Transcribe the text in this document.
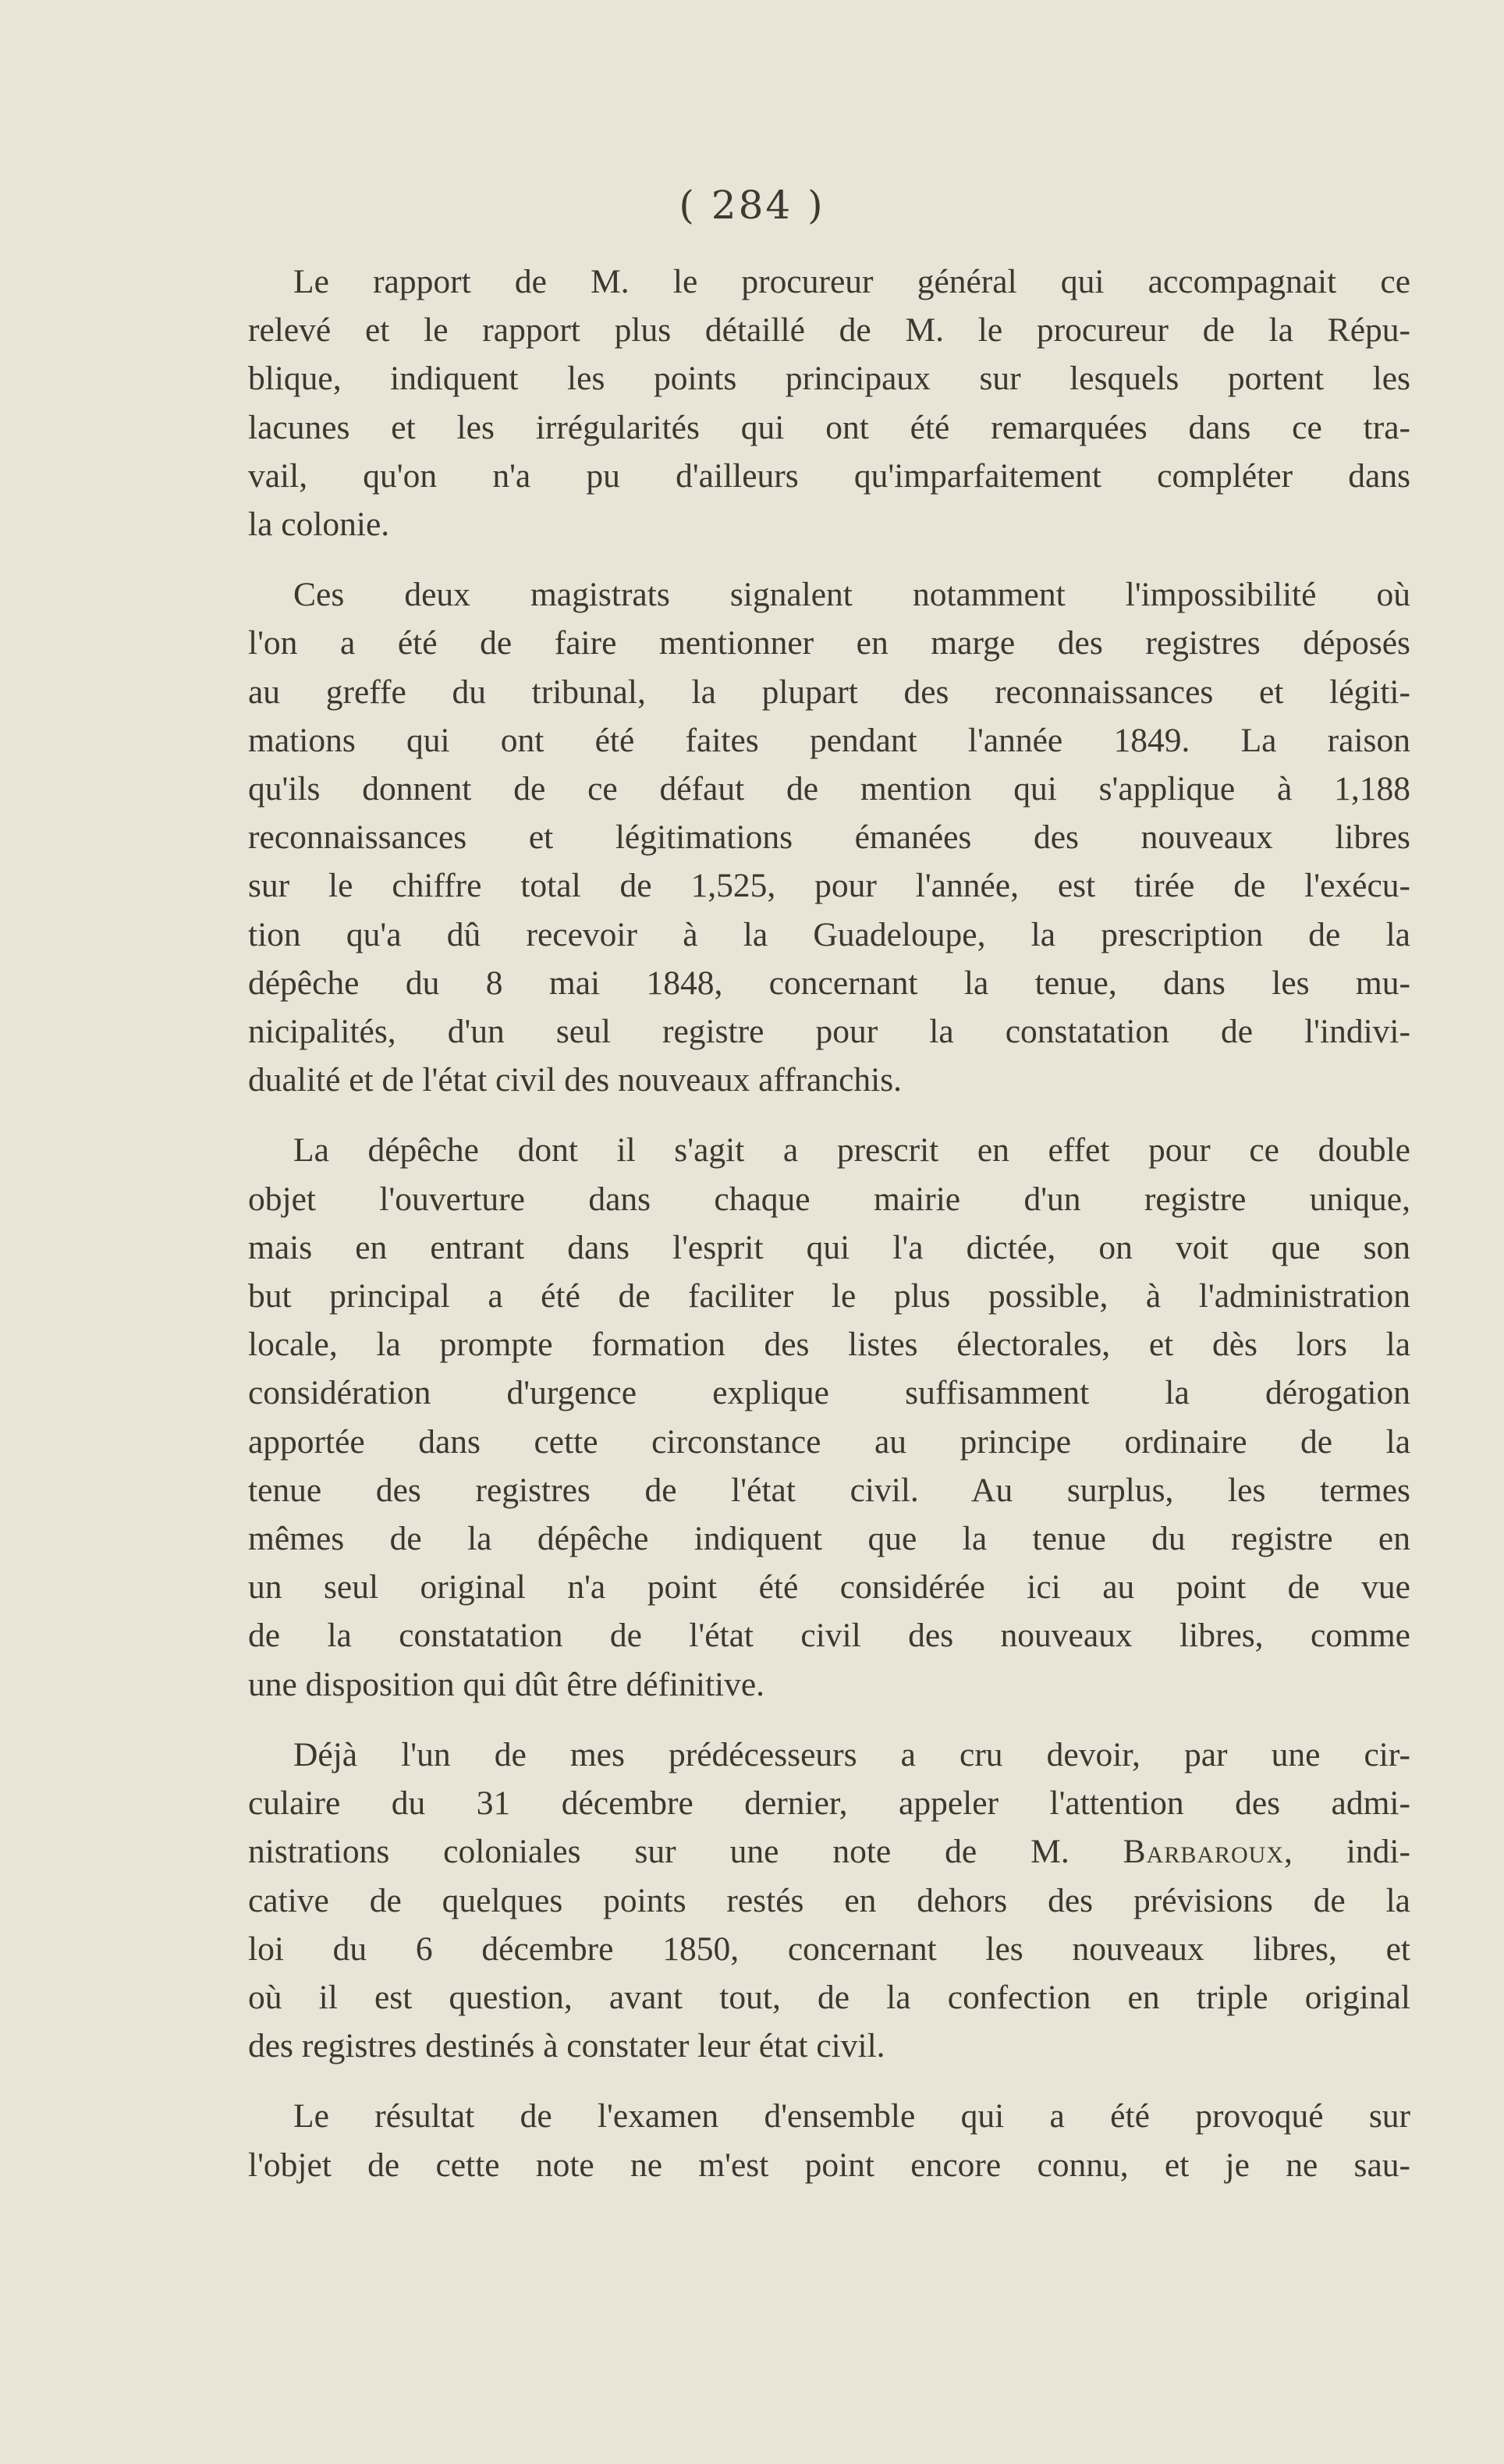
( 284 )

Le rapport de M. le procureur général qui accompagnait ce
relevé et le rapport plus détaillé de M. le procureur de la Répu-
blique, indiquent les points principaux sur lesquels portent les
lacunes et les irrégularités qui ont été remarquées dans ce tra-
vail, qu'on n'a pu d'ailleurs qu'imparfaitement compléter dans
la colonie.

Ces deux magistrats signalent notamment l'impossibilité où
l'on a été de faire mentionner en marge des registres déposés
au greffe du tribunal, la plupart des reconnaissances et légiti-
mations qui ont été faites pendant l'année 1849. La raison
qu'ils donnent de ce défaut de mention qui s'applique à 1,188
reconnaissances et légitimations émanées des nouveaux libres
sur le chiffre total de 1,525, pour l'année, est tirée de l'exécu-
tion qu'a dû recevoir à la Guadeloupe, la prescription de la
dépêche du 8 mai 1848, concernant la tenue, dans les mu-
nicipalités, d'un seul registre pour la constatation de l'indivi-
dualité et de l'état civil des nouveaux affranchis.

La dépêche dont il s'agit a prescrit en effet pour ce double
objet l'ouverture dans chaque mairie d'un registre unique,
mais en entrant dans l'esprit qui l'a dictée, on voit que son
but principal a été de faciliter le plus possible, à l'administration
locale, la prompte formation des listes électorales, et dès lors la
considération d'urgence explique suffisamment la dérogation
apportée dans cette circonstance au principe ordinaire de la
tenue des registres de l'état civil. Au surplus, les termes
mêmes de la dépêche indiquent que la tenue du registre en
un seul original n'a point été considérée ici au point de vue
de la constatation de l'état civil des nouveaux libres, comme
une disposition qui dût être définitive.

Déjà l'un de mes prédécesseurs a cru devoir, par une cir-
culaire du 31 décembre dernier, appeler l'attention des admi-
nistrations coloniales sur une note de M. Barbaroux, indi-
cative de quelques points restés en dehors des prévisions de la
loi du 6 décembre 1850, concernant les nouveaux libres, et
où il est question, avant tout, de la confection en triple original
des registres destinés à constater leur état civil.

Le résultat de l'examen d'ensemble qui a été provoqué sur
l'objet de cette note ne m'est point encore connu, et je ne sau-
